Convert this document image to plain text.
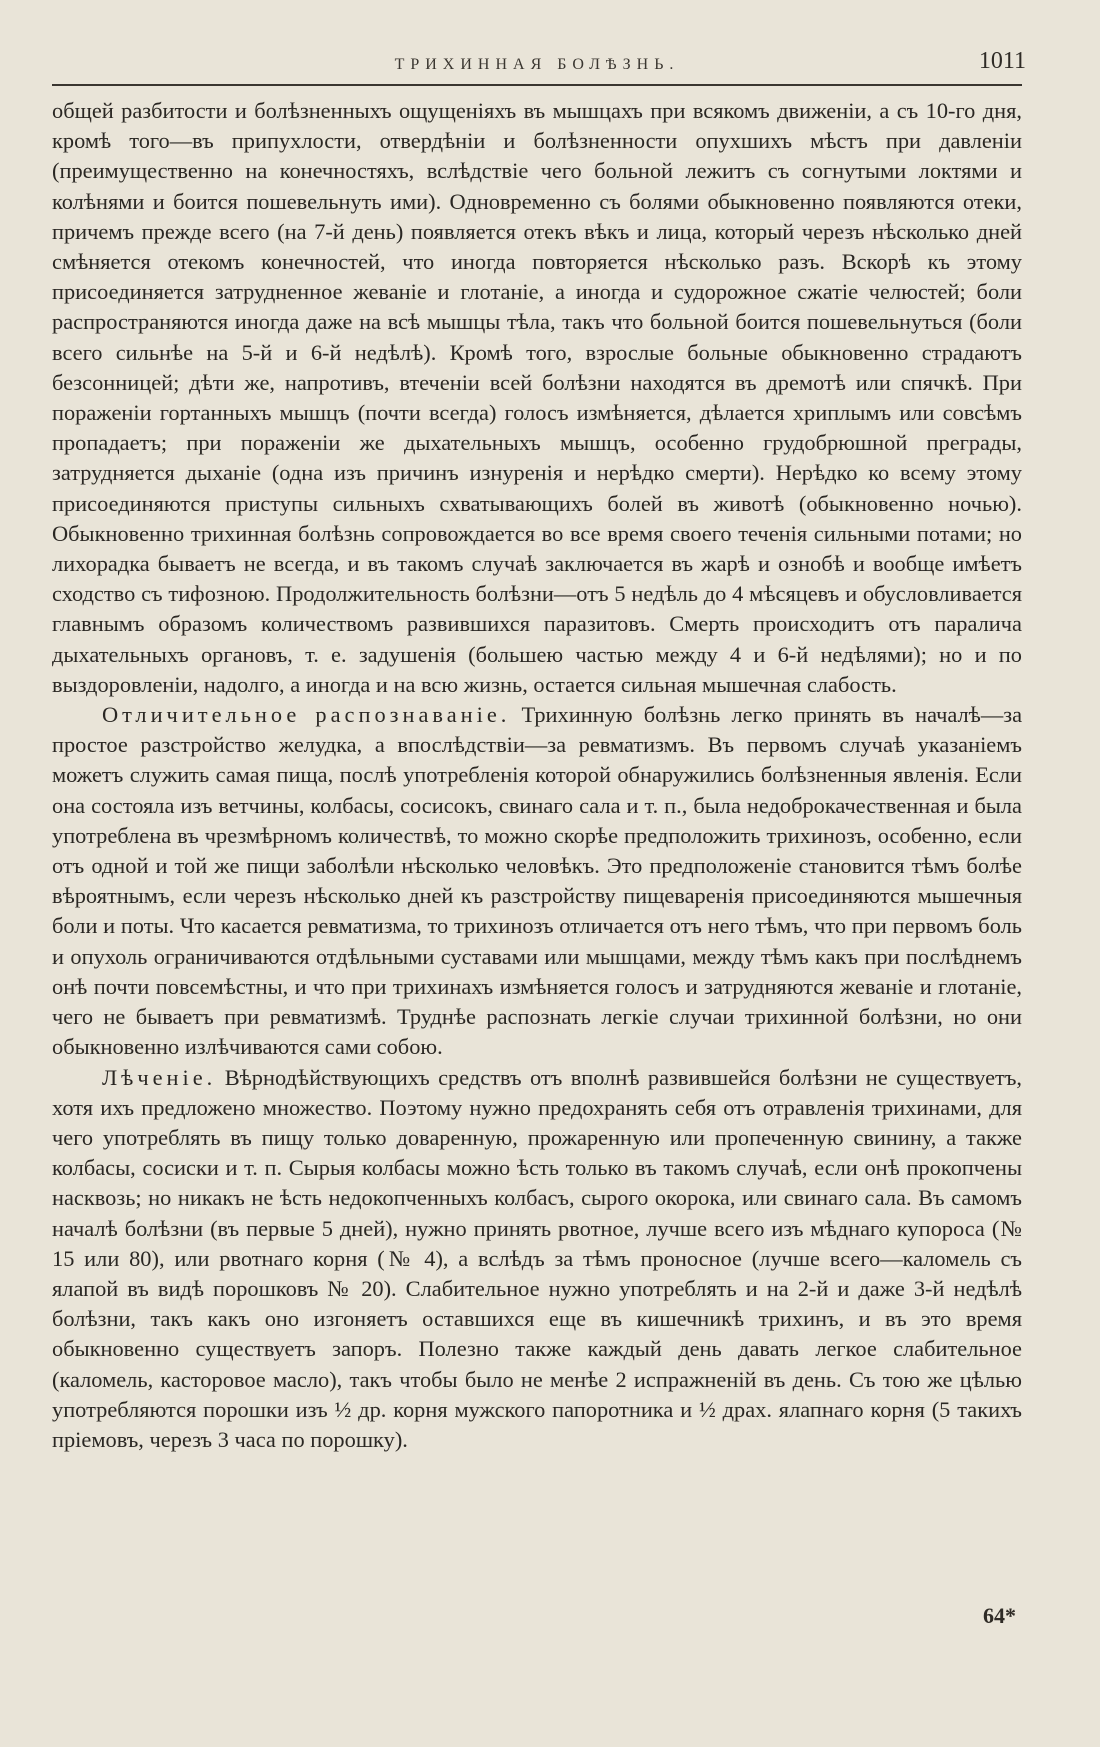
ТРИХИННАЯ БОЛѢЗНЬ.	1011

общей разбитости и болѣзненныхъ ощущеніяхъ въ мышцахъ при всякомъ движеніи, а съ 10-го дня, кромѣ того—въ припухлости, отвердѣніи и болѣзненности опухшихъ мѣстъ при давленіи (преимущественно на конечностяхъ, вслѣдствіе чего больной лежитъ съ согнутыми локтями и колѣнями и боится пошевельнуть ими). Одновременно съ болями обыкновенно появляются отеки, причемъ прежде всего (на 7-й день) появляется отекъ вѣкъ и лица, который черезъ нѣсколько дней смѣняется отекомъ конечностей, что иногда повторяется нѣсколько разъ. Вскорѣ къ этому присоединяется затрудненное жеваніе и глотаніе, а иногда и судорожное сжатіе челюстей; боли распространяются иногда даже на всѣ мышцы тѣла, такъ что больной боится пошевельнуться (боли всего сильнѣе на 5-й и 6-й недѣлѣ). Кромѣ того, взрослые больные обыкновенно страдаютъ безсонницей; дѣти же, напротивъ, втеченіи всей болѣзни находятся въ дремотѣ или спячкѣ. При пораженіи гортанныхъ мышцъ (почти всегда) голосъ измѣняется, дѣлается хриплымъ или совсѣмъ пропадаетъ; при пораженіи же дыхательныхъ мышцъ, особенно грудобрюшной преграды, затрудняется дыханіе (одна изъ причинъ изнуренія и нерѣдко смерти). Нерѣдко ко всему этому присоединяются приступы сильныхъ схватывающихъ болей въ животѣ (обыкновенно ночью). Обыкновенно трихинная болѣзнь сопровождается во все время своего теченія сильными потами; но лихорадка бываетъ не всегда, и въ такомъ случаѣ заключается въ жарѣ и ознобѣ и вообще имѣетъ сходство съ тифозною. Продолжительность болѣзни—отъ 5 недѣль до 4 мѣсяцевъ и обусловливается главнымъ образомъ количествомъ развившихся паразитовъ. Смерть происходитъ отъ паралича дыхательныхъ органовъ, т. е. задушенія (большею частью между 4 и 6-й недѣлями); но и по выздоровленіи, надолго, а иногда и на всю жизнь, остается сильная мышечная слабость.

Отличительное распознаваніе. Трихинную болѣзнь легко принять въ началѣ—за простое разстройство желудка, а впослѣдствіи—за ревматизмъ. Въ первомъ случаѣ указаніемъ можетъ служить самая пища, послѣ употребленія которой обнаружились болѣзненныя явленія. Если она состояла изъ ветчины, колбасы, сосисокъ, свинаго сала и т. п., была недоброкачественная и была употреблена въ чрезмѣрномъ количествѣ, то можно скорѣе предположить трихинозъ, особенно, если отъ одной и той же пищи заболѣли нѣсколько человѣкъ. Это предположеніе становится тѣмъ болѣе вѣроятнымъ, если черезъ нѣсколько дней къ разстройству пищеваренія присоединяются мышечныя боли и поты. Что касается ревматизма, то трихинозъ отличается отъ него тѣмъ, что при первомъ боль и опухоль ограничиваются отдѣльными суставами или мышцами, между тѣмъ какъ при послѣднемъ онѣ почти повсемѣстны, и что при трихинахъ измѣняется голосъ и затрудняются жеваніе и глотаніе, чего не бываетъ при ревматизмѣ. Труднѣе распознать легкіе случаи трихинной болѣзни, но они обыкновенно излѣчиваются сами собою.

Лѣченіе. Вѣрнодѣйствующихъ средствъ отъ вполнѣ развившейся болѣзни не существуетъ, хотя ихъ предложено множество. Поэтому нужно предохранять себя отъ отравленія трихинами, для чего употреблять въ пищу только доваренную, прожаренную или пропеченную свинину, а также колбасы, сосиски и т. п. Сырыя колбасы можно ѣсть только въ такомъ случаѣ, если онѣ прокопчены насквозь; но никакъ не ѣсть недокопченныхъ колбасъ, сырого окорока, или свинаго сала. Въ самомъ началѣ болѣзни (въ первые 5 дней), нужно принять рвотное, лучше всего изъ мѣднаго купороса (№ 15 или 80), или рвотнаго корня (№ 4), а вслѣдъ за тѣмъ проносное (лучше всего—каломель съ ялапой въ видѣ порошковъ № 20). Слабительное нужно употреблять и на 2-й и даже 3-й недѣлѣ болѣзни, такъ какъ оно изгоняетъ оставшихся еще въ кишечникѣ трихинъ, и въ это время обыкновенно существуетъ запоръ. Полезно также каждый день давать легкое слабительное (каломель, касторовое масло), такъ чтобы было не менѣе 2 испражненій въ день. Съ тою же цѣлью употребляются порошки изъ ½ др. корня мужского папоротника и ½ драх. ялапнаго корня (5 такихъ пріемовъ, черезъ 3 часа по порошку).

64*
